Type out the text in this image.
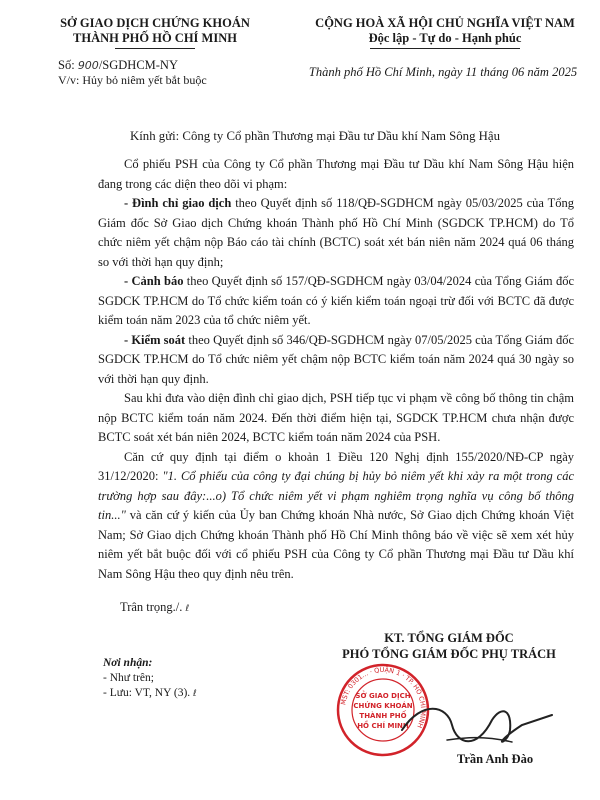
SỞ GIAO DỊCH CHỨNG KHOÁN
THÀNH PHỐ HỒ CHÍ MINH
CỘNG HOÀ XÃ HỘI CHỦ NGHĨA VIỆT NAM
Độc lập - Tự do - Hạnh phúc
Số: 900/SGDHCM-NY
V/v: Hủy bỏ niêm yết bắt buộc
Thành phố Hồ Chí Minh, ngày 11 tháng 06 năm 2025
Kính gửi: Công ty Cổ phần Thương mại Đầu tư Dầu khí Nam Sông Hậu

Cổ phiếu PSH của Công ty Cổ phần Thương mại Đầu tư Dầu khí Nam Sông Hậu hiện đang trong các diện theo dõi vi phạm:

- Đình chỉ giao dịch theo Quyết định số 118/QĐ-SGDHCM ngày 05/03/2025 của Tổng Giám đốc Sở Giao dịch Chứng khoán Thành phố Hồ Chí Minh (SGDCK TP.HCM) do Tổ chức niêm yết chậm nộp Báo cáo tài chính (BCTC) soát xét bán niên năm 2024 quá 06 tháng so với thời hạn quy định;

- Cảnh báo theo Quyết định số 157/QĐ-SGDHCM ngày 03/04/2024 của Tổng Giám đốc SGDCK TP.HCM do Tổ chức kiểm toán có ý kiến kiểm toán ngoại trừ đối với BCTC đã được kiểm toán năm 2023 của tổ chức niêm yết.

- Kiểm soát theo Quyết định số 346/QĐ-SGDHCM ngày 07/05/2025 của Tổng Giám đốc SGDCK TP.HCM do Tổ chức niêm yết chậm nộp BCTC kiểm toán năm 2024 quá 30 ngày so với thời hạn quy định.

Sau khi đưa vào diện đình chỉ giao dịch, PSH tiếp tục vi phạm về công bố thông tin chậm nộp BCTC kiểm toán năm 2024. Đến thời điểm hiện tại, SGDCK TP.HCM chưa nhận được BCTC soát xét bán niên 2024, BCTC kiểm toán năm 2024 của PSH.

Căn cứ quy định tại điểm o khoản 1 Điều 120 Nghị định 155/2020/NĐ-CP ngày 31/12/2020: "1. Cổ phiếu của công ty đại chúng bị hủy bỏ niêm yết khi xảy ra một trong các trường hợp sau đây:...o) Tổ chức niêm yết vi phạm nghiêm trọng nghĩa vụ công bố thông tin..." và căn cứ ý kiến của Ủy ban Chứng khoán Nhà nước, Sở Giao dịch Chứng khoán Việt Nam; Sở Giao dịch Chứng khoán Thành phố Hồ Chí Minh thông báo về việc sẽ xem xét hủy niêm yết bắt buộc đối với cổ phiếu PSH của Công ty Cổ phần Thương mại Đầu tư Dầu khí Nam Sông Hậu theo quy định nêu trên.

Trân trọng./. ℓ
Nơi nhận:
- Như trên;
- Lưu: VT, NY (3). ℓ
KT. TỔNG GIÁM ĐỐC
PHÓ TỔNG GIÁM ĐỐC PHỤ TRÁCH
MST: 0301... · QUẬN 1 · TP. HỒ CHÍ MINH
SỞ GIAO DỊCH
CHỨNG KHOÁN
THÀNH PHỐ
HỒ CHÍ MINH
Trần Anh Đào
